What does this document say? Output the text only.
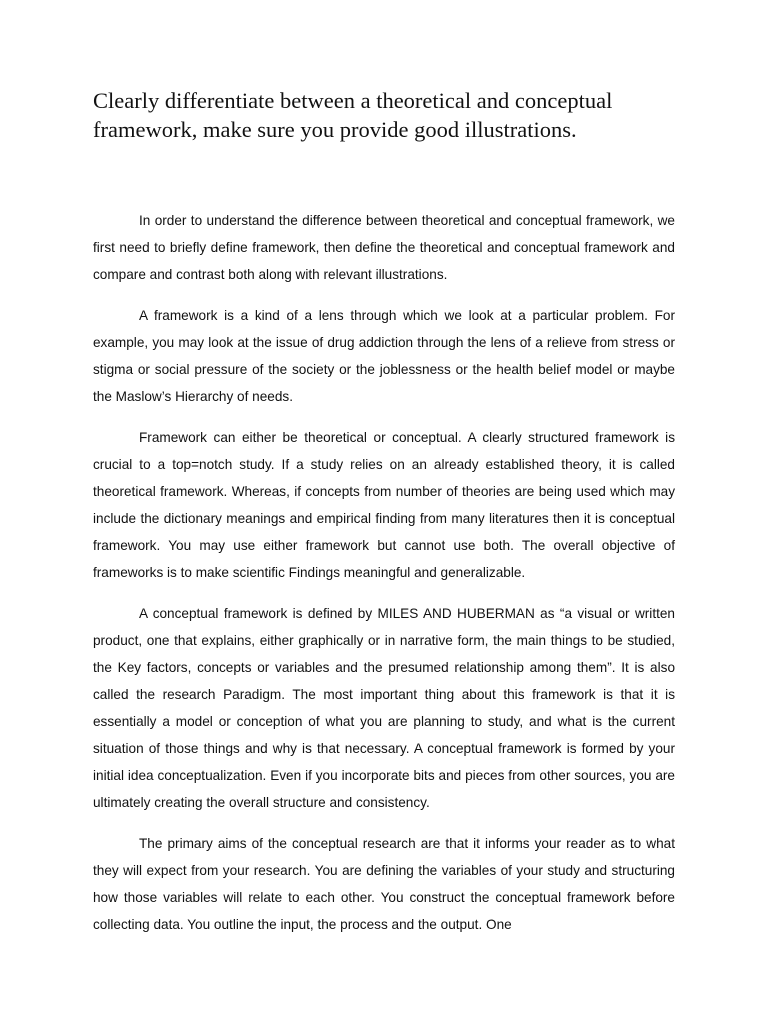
Clearly differentiate between a theoretical and conceptual framework, make sure you provide good illustrations.

In order to understand the difference between theoretical and conceptual framework, we first need to briefly define framework, then define the theoretical and conceptual framework and compare and contrast both along with relevant illustrations.

A framework is a kind of a lens through which we look at a particular problem. For example, you may look at the issue of drug addiction through the lens of a relieve from stress or stigma or social pressure of the society or the joblessness or the health belief model or maybe the Maslow’s Hierarchy of needs.

Framework can either be theoretical or conceptual. A clearly structured framework is crucial to a top=notch study. If a study relies on an already established theory, it is called theoretical framework. Whereas, if concepts from number of theories are being used which may include the dictionary meanings and empirical finding from many literatures then it is conceptual framework. You may use either framework but cannot use both. The overall objective of frameworks is to make scientific Findings meaningful and generalizable.

A conceptual framework is defined by MILES AND HUBERMAN as “a visual or written product, one that explains, either graphically or in narrative form, the main things to be studied, the Key factors, concepts or variables and the presumed relationship among them”. It is also called the research Paradigm. The most important thing about this framework is that it is essentially a model or conception of what you are planning to study, and what is the current situation of those things and why is that necessary. A conceptual framework is formed by your initial idea conceptualization. Even if you incorporate bits and pieces from other sources, you are ultimately creating the overall structure and consistency.

The primary aims of the conceptual research are that it informs your reader as to what they will expect from your research. You are defining the variables of your study and structuring how those variables will relate to each other. You construct the conceptual framework before collecting data. You outline the input, the process and the output. One
